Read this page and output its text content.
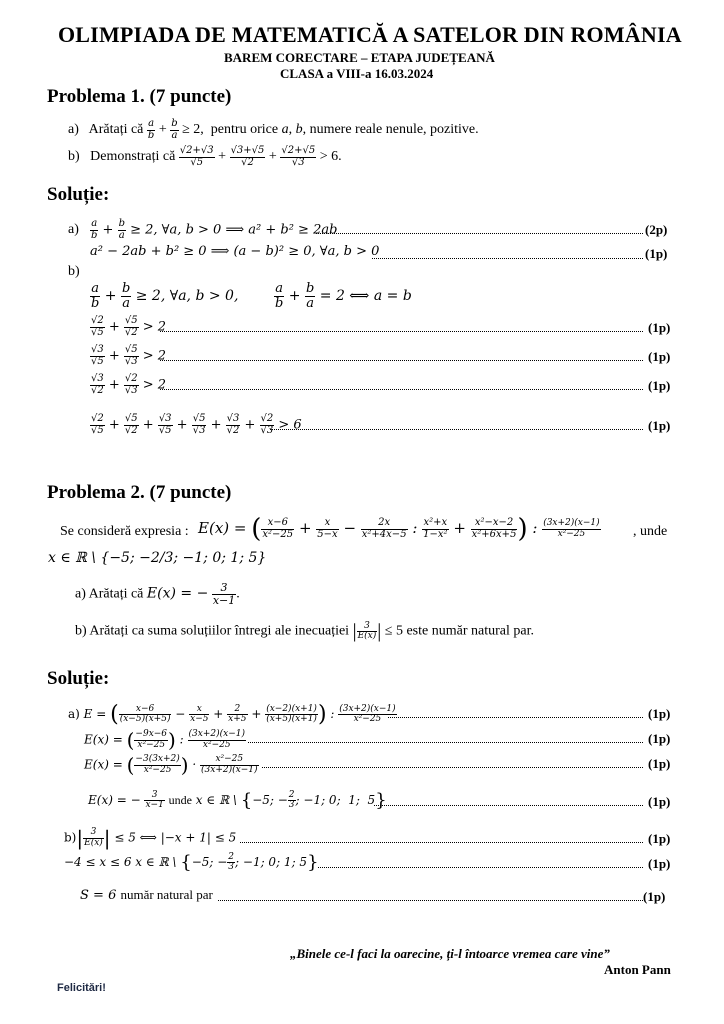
OLIMPIADA DE MATEMATICĂ A SATELOR DIN ROMÂNIA
BAREM CORECTARE – ETAPA JUDEȚEANĂ
CLASA a VIII-a 16.03.2024
Problema 1. (7 puncte)
a)   Arătați că $\frac{a}{b} + \frac{b}{a} \ge 2$,  pentru orice a, b, numere reale nenule, pozitive.
b)   Demonstrați că $\frac{√2+√3}{√5} + \frac{√3+√5}{√2} + \frac{√2+√5}{√3} > 6$.
Soluție:
$a) \frac{a}{b} + \frac{b}{a} \ge 2$, ∀a, b > 0 ⟹ a² + b² ≥ 2ab	(2p)
a² − 2ab + b² ≥ 0 ⟹ (a − b)² ≥ 0, ∀a, b > 0	(1p)
b)
$\frac{a}{b} + \frac{b}{a} \ge 2$, ∀a, b > 0, $\frac{a}{b} + \frac{b}{a} = 2$ ⟺ a = b
$\frac{√2}{√5} + \frac{√5}{√2} > 2$	(1p)
$\frac{√3}{√5} + \frac{√5}{√3} > 2$	(1p)
$\frac{√3}{√2} + \frac{√2}{√3} > 2$	(1p)
$\frac{√2}{√5} + \frac{√5}{√2} + \frac{√3}{√5} + \frac{√5}{√3} + \frac{√3}{√2} + \frac{√2}{√3} > 6$	(1p)
Problema 2. (7 puncte)
Se consideră expresia : E(x) = ( $\frac{x-6}{\text{x²−25}} + \frac{x}{5-x} - \frac{2x}{\text{x²+4x−5}}$ : $\frac{\text{x²+x}}{\text{1−x²}} + \frac{\text{x²−x−2}}{\text{x²+6x+5}}$ ) : $\frac{(3x+2)(x-1)}{\text{x²−25}}$ , unde
x ∈ ℝ \ {−5; −2/3; −1; 0; 1; 5}
a) Arătați că E(x) = − $\frac{3}{x-1}$ .
b) Arătați ca suma soluțiilor întregi ale inecuației | $\frac{3}{E(x)}$ | ≤ 5 este număr natural par.
Soluție:
a) E = ( $\frac{x-6}{(x-5)(x+5)} - \frac{x}{x-5} + \frac{2}{x+5} + \frac{(x-2)(x+1)}{(x+5)(x+1)}$ ) : $\frac{(3x+2)(x-1)}{\text{x²−25}}$	(1p)
E(x) = ( $\frac{-9x-6}{\text{x²−25}}$ ) : $\frac{(3x+2)(x-1)}{\text{x²−25}}$	(1p)
E(x) = ( $\frac{-3(3x+2)}{\text{x²−25}}$ ) · $\frac{\text{x²−25}}{(3x+2)(x-1)}$	(1p)
E(x) = − $\frac{3}{x-1}$ unde x ∈ ℝ \ {−5; − $\frac{2}{3}$ ; −1; 0;  1;  5}	(1p)
$b)| \frac{3}{E(x)}$ | ≤ 5 ⟺ |−x + 1| ≤ 5	(1p)
−4 ≤ x ≤ 6 x ∈ ℝ \ {−5; − $\frac{2}{3}$ ; −1; 0; 1; 5}	(1p)
S = 6 număr natural par	(1p)
„Binele ce-l faci la oarecine, ți-l întoarce vremea care vine”
Anton Pann
Felicitări!
